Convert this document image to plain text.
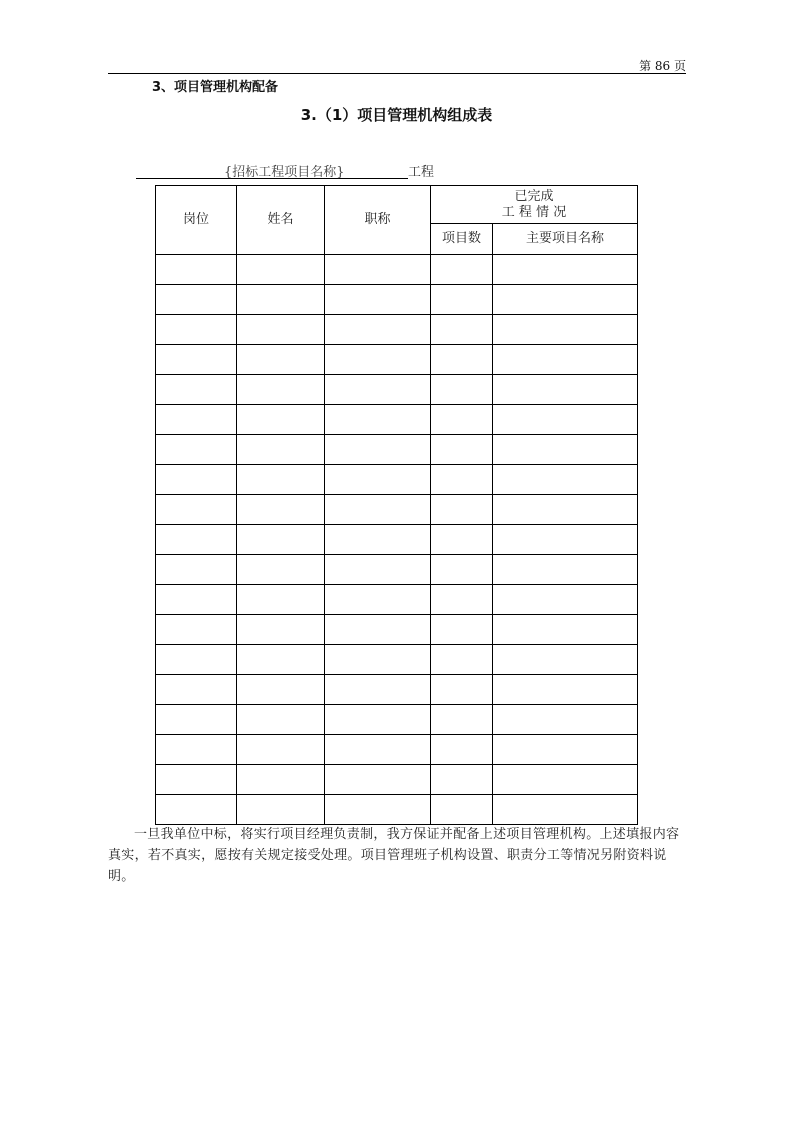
第 86 页
3、项目管理机构配备
3.（1）项目管理机构组成表
{招标工程项目名称}	工程
岗位	姓名	职称	已完成
工 程 情 况	

			项目数	主要项目名称

一旦我单位中标，将实行项目经理负责制，我方保证并配备上述项目管理机构。上述填报内容真实，若不真实，愿按有关规定接受处理。项目管理班子机构设置、职责分工等情况另附资料说明。
